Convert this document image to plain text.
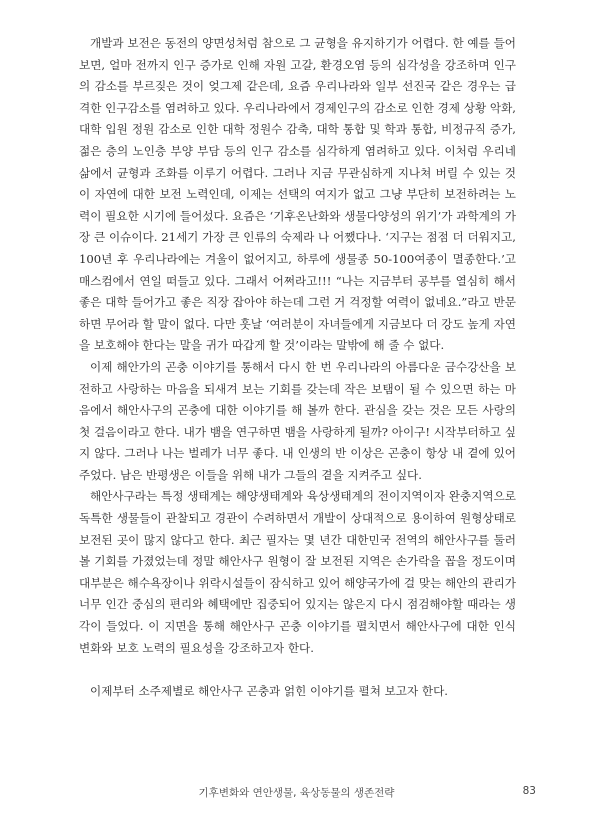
개발과 보전은 동전의 양면성처럼 참으로 그 균형을 유지하기가 어렵다. 한 예를 들어보면, 얼마 전까지 인구 증가로 인해 자원 고갈, 환경오염 등의 심각성을 강조하며 인구의 감소를 부르짖은 것이 엊그제 같은데, 요즘 우리나라와 일부 선진국 같은 경우는 급격한 인구감소를 염려하고 있다. 우리나라에서 경제인구의 감소로 인한 경제 상황 악화, 대학 입원 정원 감소로 인한 대학 정원수 감축, 대학 통합 및 학과 통합, 비정규직 증가, 젊은 층의 노인층 부양 부담 등의 인구 감소를 심각하게 염려하고 있다. 이처럼 우리네 삶에서 균형과 조화를 이루기 어렵다. 그러나 지금 무관심하게 지나쳐 버릴 수 있는 것이 자연에 대한 보전 노력인데, 이제는 선택의 여지가 없고 그냥 부단히 보전하려는 노력이 필요한 시기에 들어섰다. 요즘은 ‘기후온난화와 생물다양성의 위기’가 과학계의 가장 큰 이슈이다. 21세기 가장 큰 인류의 숙제라 나 어쨌다나. ‘지구는 점점 더 더워지고, 100년 후 우리나라에는 겨울이 없어지고, 하루에 생물종 50-100여종이 멸종한다.’고 매스컴에서 연일 떠들고 있다. 그래서 어쩌라고!!! “나는 지금부터 공부를 열심히 해서 좋은 대학 들어가고 좋은 직장 잡아야 하는데 그런 거 걱정할 여력이 없네요.”라고 반문하면 무어라 할 말이 없다. 다만 훗날 ‘여러분이 자녀들에게 지금보다 더 강도 높게 자연을 보호해야 한다는 말을 귀가 따갑게 할 것’이라는 말밖에 해 줄 수 없다.

이제 해안가의 곤충 이야기를 통해서 다시 한 번 우리나라의 아름다운 금수강산을 보전하고 사랑하는 마음을 되새겨 보는 기회를 갖는데 작은 보탬이 될 수 있으면 하는 마음에서 해안사구의 곤충에 대한 이야기를 해 볼까 한다. 관심을 갖는 것은 모든 사랑의 첫 걸음이라고 한다. 내가 뱀을 연구하면 뱀을 사랑하게 될까? 아이구! 시작부터하고 싶지 않다. 그러나 나는 벌레가 너무 좋다. 내 인생의 반 이상은 곤충이 항상 내 곁에 있어 주었다. 남은 반평생은 이들을 위해 내가 그들의 곁을 지켜주고 싶다.

해안사구라는 특정 생태계는 해양생태계와 육상생태계의 전이지역이자 완충지역으로 독특한 생물들이 관찰되고 경관이 수려하면서 개발이 상대적으로 용이하여 원형상태로 보전된 곳이 많지 않다고 한다. 최근 필자는 몇 년간 대한민국 전역의 해안사구를 둘러 볼 기회를 가졌었는데 정말 해안사구 원형이 잘 보전된 지역은 손가락을 꼽을 정도이며 대부분은 해수욕장이나 위락시설들이 잠식하고 있어 해양국가에 걸 맞는 해안의 관리가 너무 인간 중심의 편리와 혜택에만 집중되어 있지는 않은지 다시 점검해야할 때라는 생각이 들었다. 이 지면을 통해 해안사구 곤충 이야기를 펼치면서 해안사구에 대한 인식 변화와 보호 노력의 필요성을 강조하고자 한다.

이제부터 소주제별로 해안사구 곤충과 얽힌 이야기를 펼쳐 보고자 한다.

기후변화와 연안생물, 육상동물의 생존전략	83
